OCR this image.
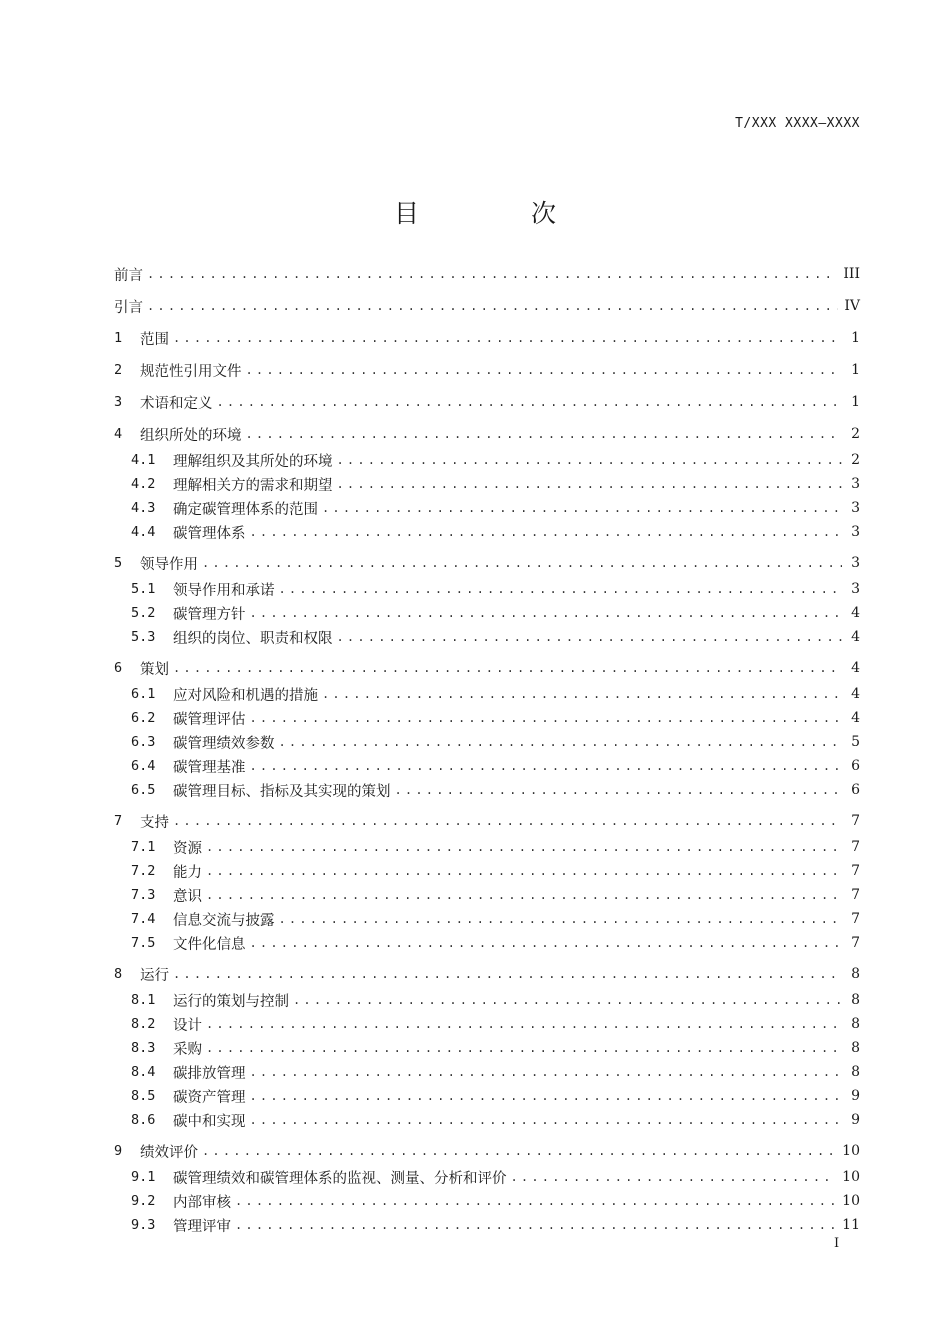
T/XXX XXXX—XXXX
目 次
前言 .....	III
引言 .....	IV
1	范围 .....	1
2	规范性引用文件 .....	1
3	术语和定义 .....	1
4	组织所处的环境 .....	2
4.1	理解组织及其所处的环境 .....	2
4.2	理解相关方的需求和期望 .....	3
4.3	确定碳管理体系的范围 .....	3
4.4	碳管理体系 .....	3
5	领导作用 .....	3
5.1	领导作用和承诺 .....	3
5.2	碳管理方针 .....	4
5.3	组织的岗位、职责和权限 .....	4
6	策划 .....	4
6.1	应对风险和机遇的措施 .....	4
6.2	碳管理评估 .....	4
6.3	碳管理绩效参数 .....	5
6.4	碳管理基准 .....	6
6.5	碳管理目标、指标及其实现的策划 .....	6
7	支持 .....	7
7.1	资源 .....	7
7.2	能力 .....	7
7.3	意识 .....	7
7.4	信息交流与披露 .....	7
7.5	文件化信息 .....	7
8	运行 .....	8
8.1	运行的策划与控制 .....	8
8.2	设计 .....	8
8.3	采购 .....	8
8.4	碳排放管理 .....	8
8.5	碳资产管理 .....	9
8.6	碳中和实现 .....	9
9	绩效评价 .....	10
9.1	碳管理绩效和碳管理体系的监视、测量、分析和评价 .....	10
9.2	内部审核 .....	10
9.3	管理评审 .....	11
I
